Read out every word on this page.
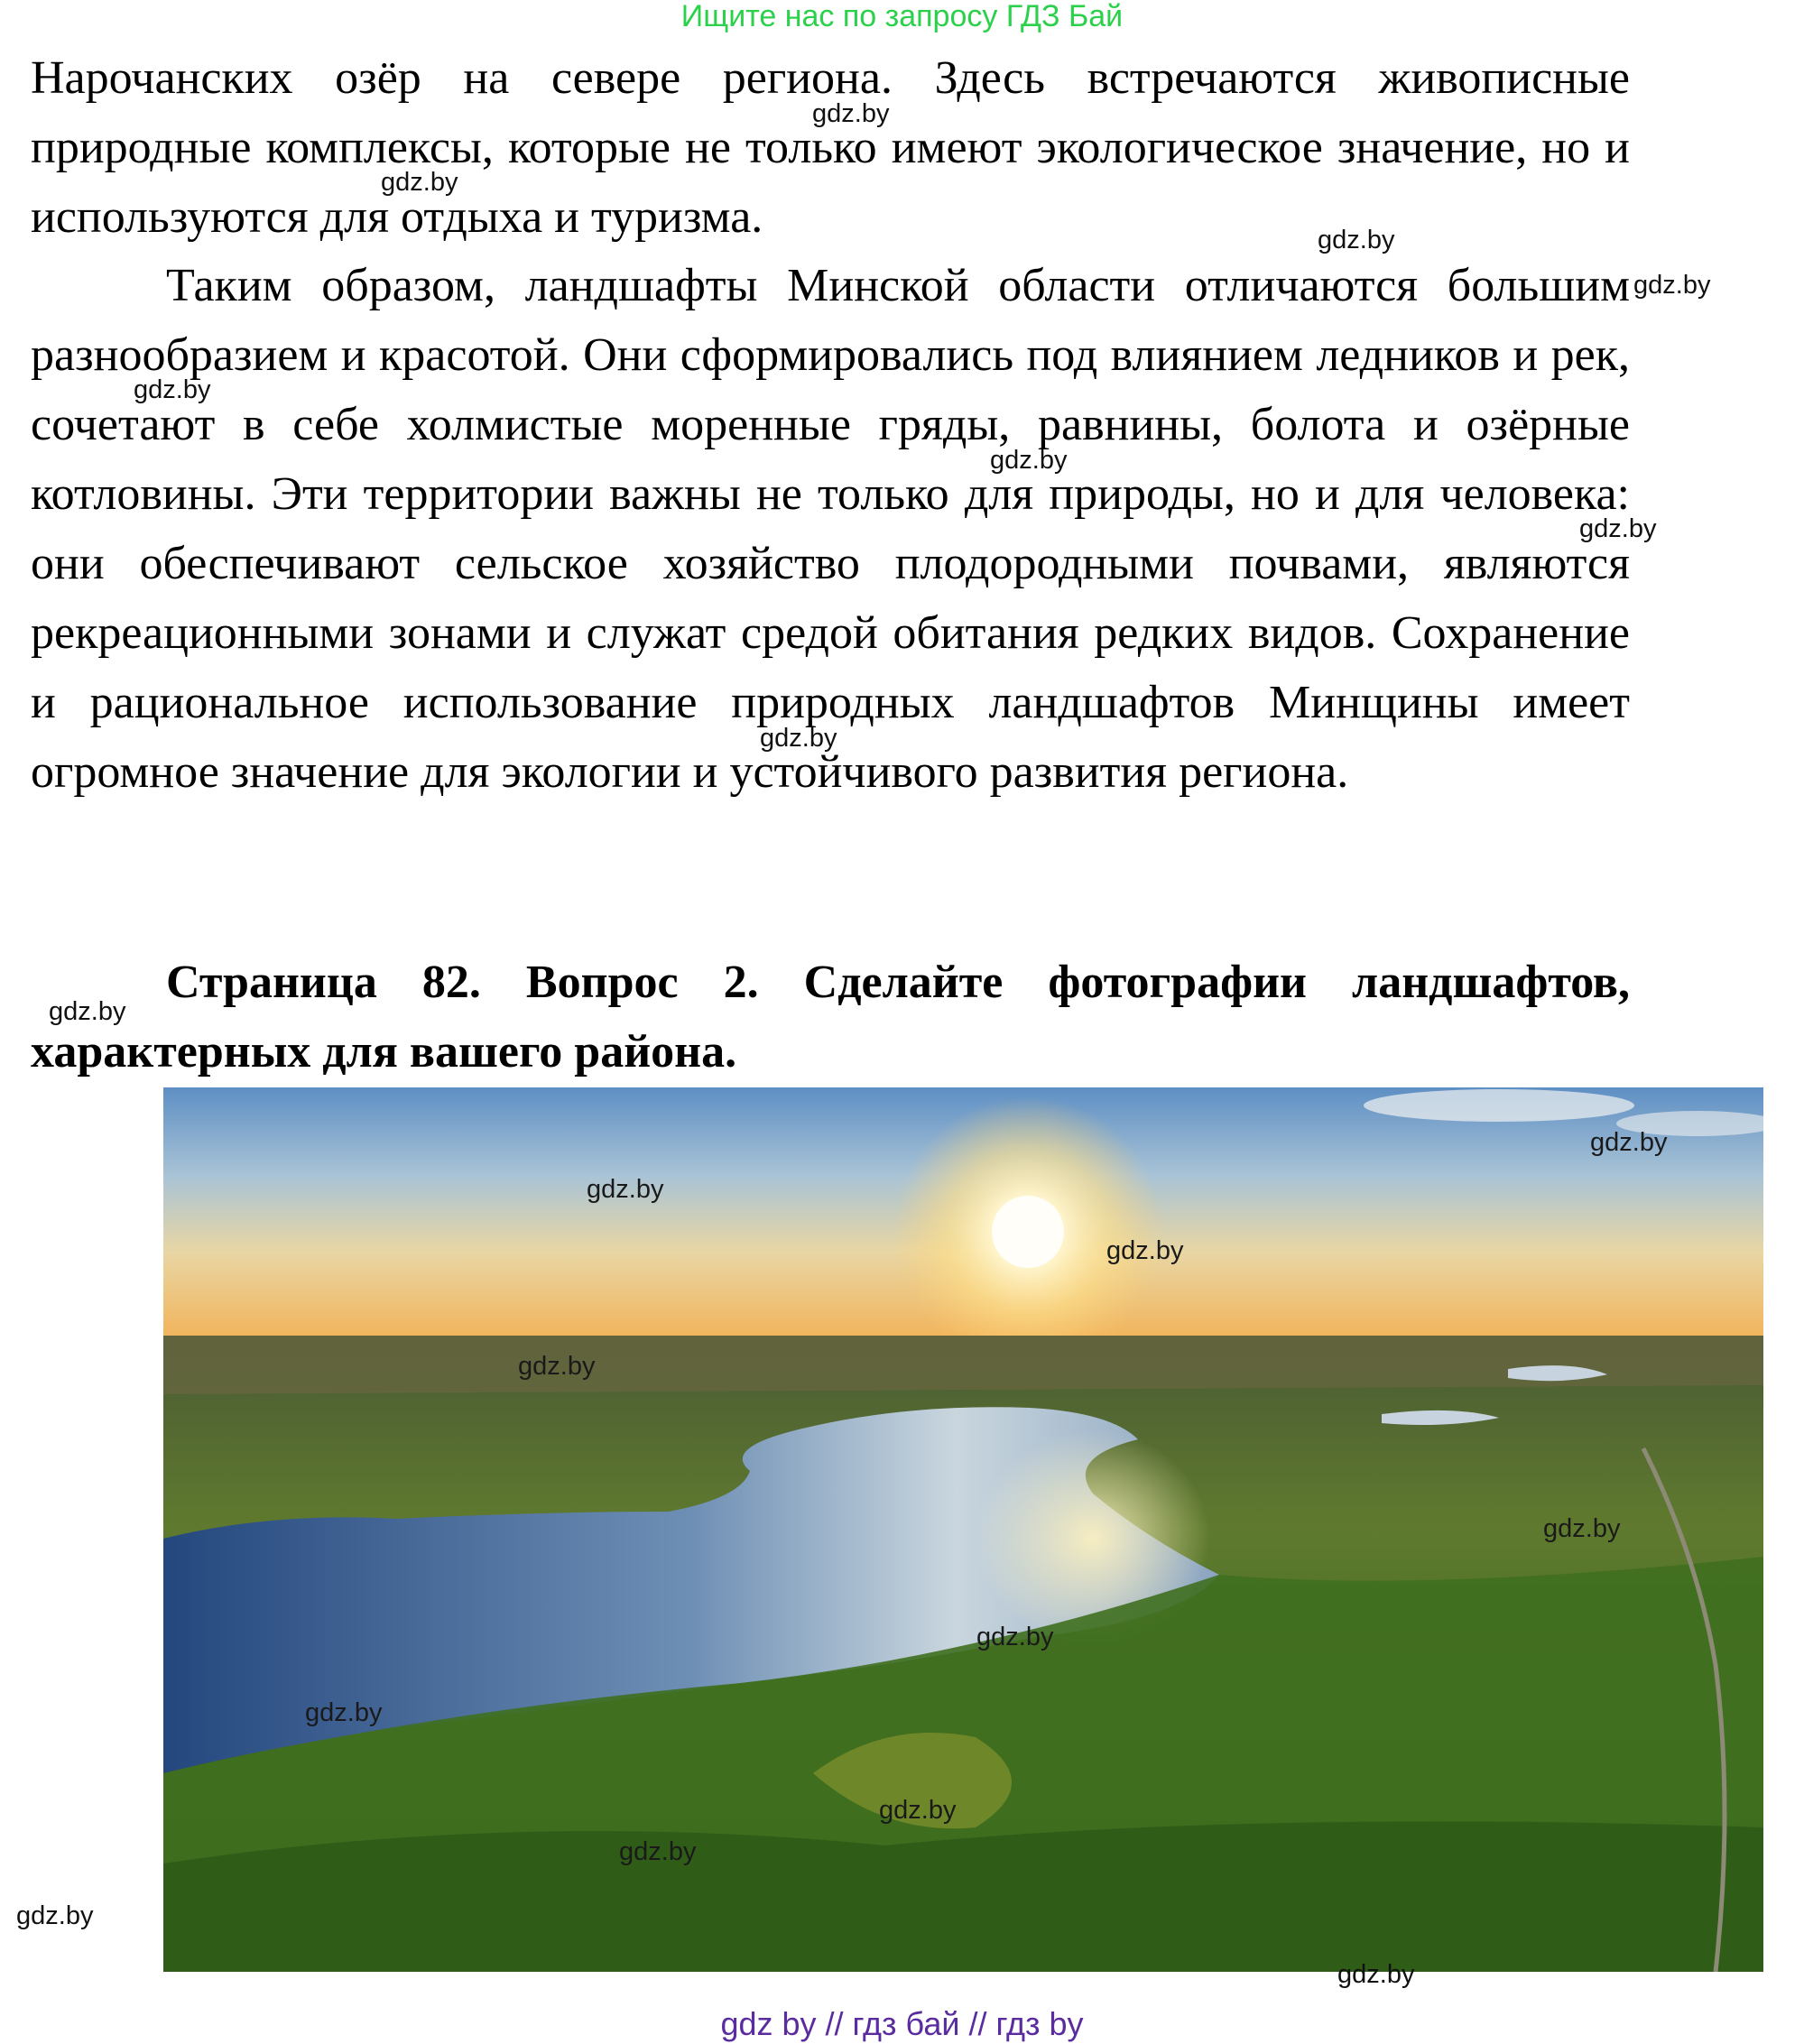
Ищите нас по запросу ГДЗ Бай
Нарочанских озёр на севере региона. Здесь встречаются живописные природные комплексы, которые не только имеют экологическое значение, но и используются для отдыха и туризма.
Таким образом, ландшафты Минской области отличаются большим разнообразием и красотой. Они сформировались под влиянием ледников и рек, сочетают в себе холмистые моренные гряды, равнины, болота и озёрные котловины. Эти территории важны не только для природы, но и для человека: они обеспечивают сельское хозяйство плодородными почвами, являются рекреационными зонами и служат средой обитания редких видов. Сохранение и рациональное использование природных ландшафтов Минщины имеет огромное значение для экологии и устойчивого развития региона.
Страница 82. Вопрос 2. Сделайте фотографии ландшафтов, характерных для вашего района.
gdz.by
gdz.by
gdz.by
gdz.by
gdz.by
gdz.by
gdz.by
gdz.by
gdz.by
gdz.by
gdz.by
gdz.by
gdz.by
gdz.by
gdz.by
gdz.by
gdz.by
gdz.by
gdz.by
gdz.by
gdz by // гдз бай // гдз by
